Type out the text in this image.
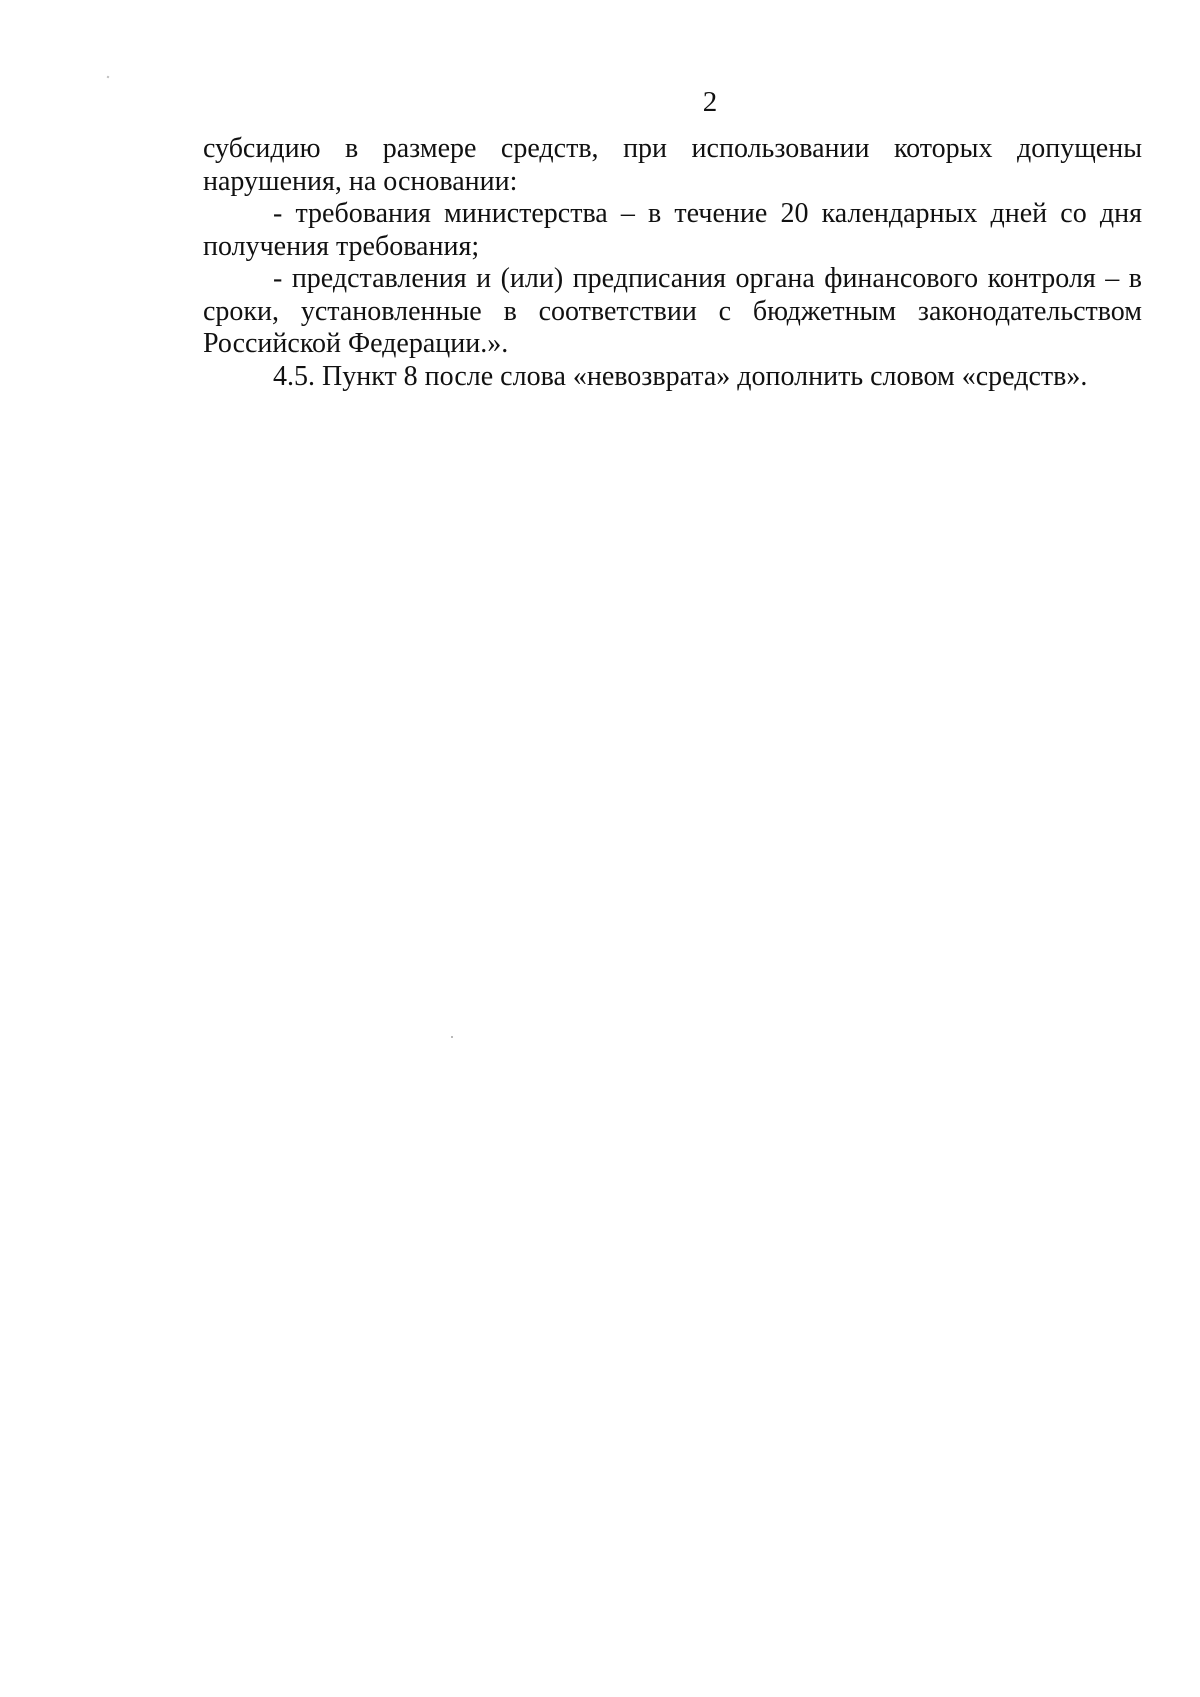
2

субсидию в размере средств, при использовании которых допущены нарушения, на основании:

- требования министерства – в течение 20 календарных дней со дня получения требования;

- представления и (или) предписания органа финансового контроля – в сроки, установленные в соответствии с бюджетным законодательством Российской Федерации.».

4.5. Пункт 8 после слова «невозврата» дополнить словом «средств».
